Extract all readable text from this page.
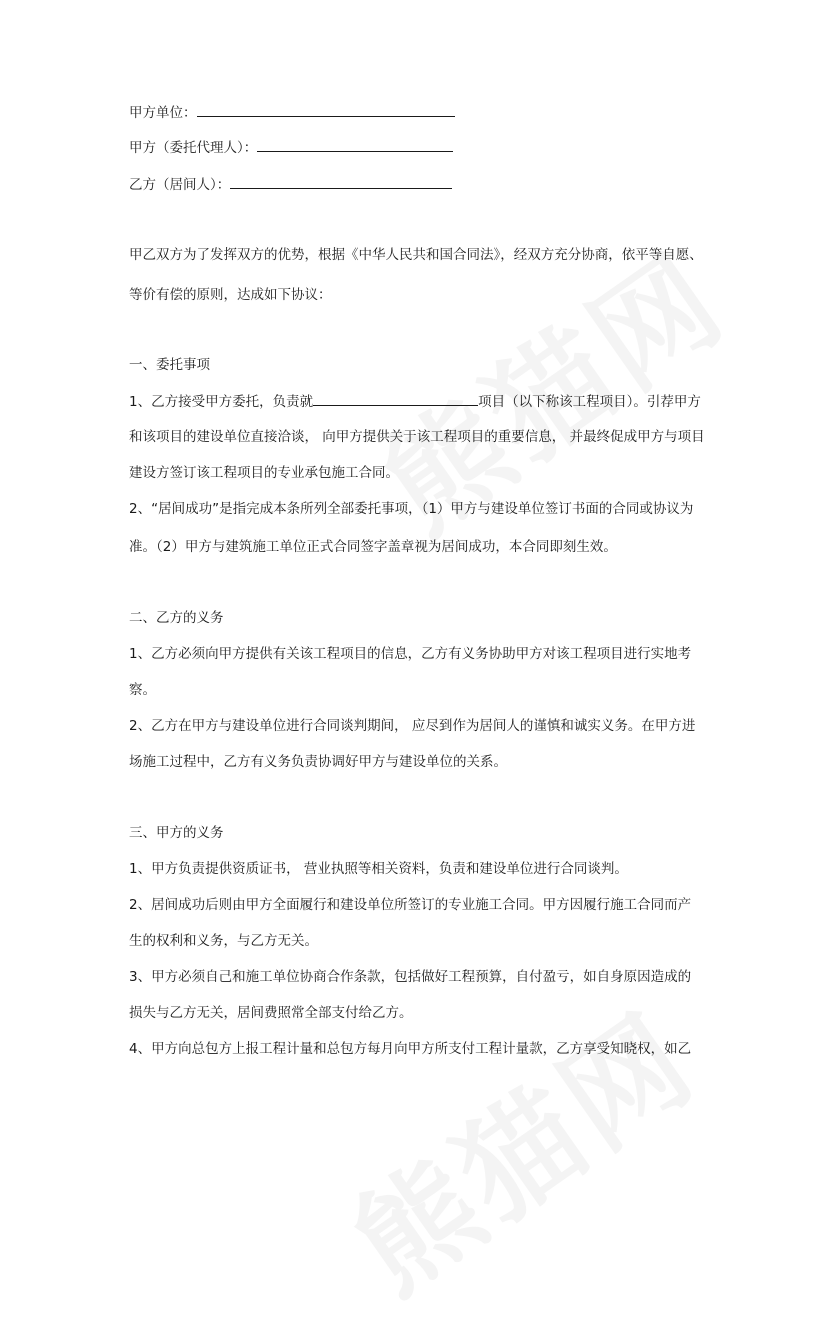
甲方单位：
甲方（委托代理人）：
乙方（居间人）：
甲乙双方为了发挥双方的优势，根据《中华人民共和国合同法》，经双方充分协商，依平等自愿、
等价有偿的原则，达成如下协议：
一、委托事项
1、乙方接受甲方委托，负责就	项目（以下称该工程项目）。引荐甲方
和该项目的建设单位直接洽谈， 向甲方提供关于该工程项目的重要信息， 并最终促成甲方与项目
建设方签订该工程项目的专业承包施工合同。
2、“居间成功”是指完成本条所列全部委托事项，（1）甲方与建设单位签订书面的合同或协议为
准。（2）甲方与建筑施工单位正式合同签字盖章视为居间成功，本合同即刻生效。
二、乙方的义务
1、乙方必须向甲方提供有关该工程项目的信息，乙方有义务协助甲方对该工程项目进行实地考
察。
2、乙方在甲方与建设单位进行合同谈判期间， 应尽到作为居间人的谨慎和诚实义务。在甲方进
场施工过程中，乙方有义务负责协调好甲方与建设单位的关系。
三、甲方的义务
1、甲方负责提供资质证书， 营业执照等相关资料，负责和建设单位进行合同谈判。
2、居间成功后则由甲方全面履行和建设单位所签订的专业施工合同。甲方因履行施工合同而产
生的权利和义务，与乙方无关。
3、甲方必须自己和施工单位协商合作条款，包括做好工程预算，自付盈亏，如自身原因造成的
损失与乙方无关，居间费照常全部支付给乙方。
4、甲方向总包方上报工程计量和总包方每月向甲方所支付工程计量款，乙方享受知晓权，如乙
